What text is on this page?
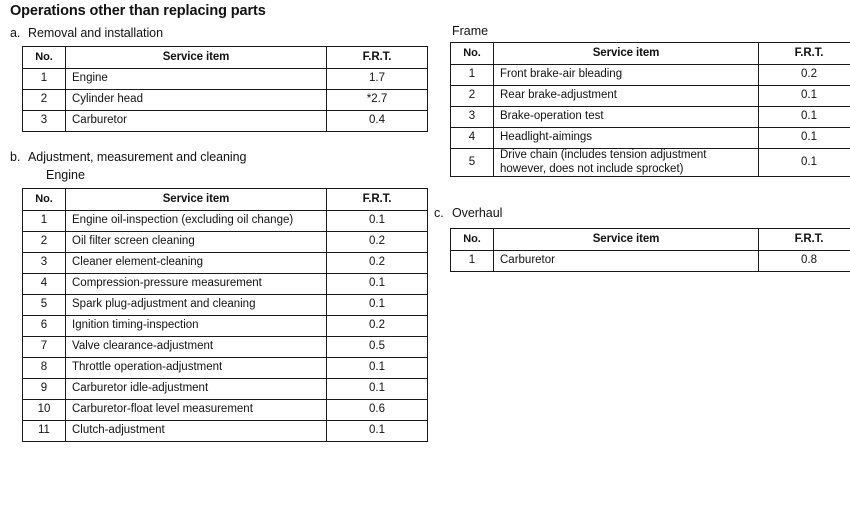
Operations other than replacing parts
a. Removal and installation
No.	Service item	F.R.T.
1	Engine	1.7
2	Cylinder head	*2.7
3	Carburetor	0.4
b. Adjustment, measurement and cleaning
Engine
No.	Service item	F.R.T.
1	Engine oil-inspection (excluding oil change)	0.1
2	Oil filter screen cleaning	0.2
3	Cleaner element-cleaning	0.2
4	Compression-pressure measurement	0.1
5	Spark plug-adjustment and cleaning	0.1
6	Ignition timing-inspection	0.2
7	Valve clearance-adjustment	0.5
8	Throttle operation-adjustment	0.1
9	Carburetor idle-adjustment	0.1
10	Carburetor-float level measurement	0.6
11	Clutch-adjustment	0.1
Frame
No.	Service item	F.R.T.
1	Front brake-air bleading	0.2
2	Rear brake-adjustment	0.1
3	Brake-operation test	0.1
4	Headlight-aimings	0.1
5	Drive chain (includes tension adjustment
however, does not include sprocket)	0.1
c. Overhaul
No.	Service item	F.R.T.
1	Carburetor	0.8
